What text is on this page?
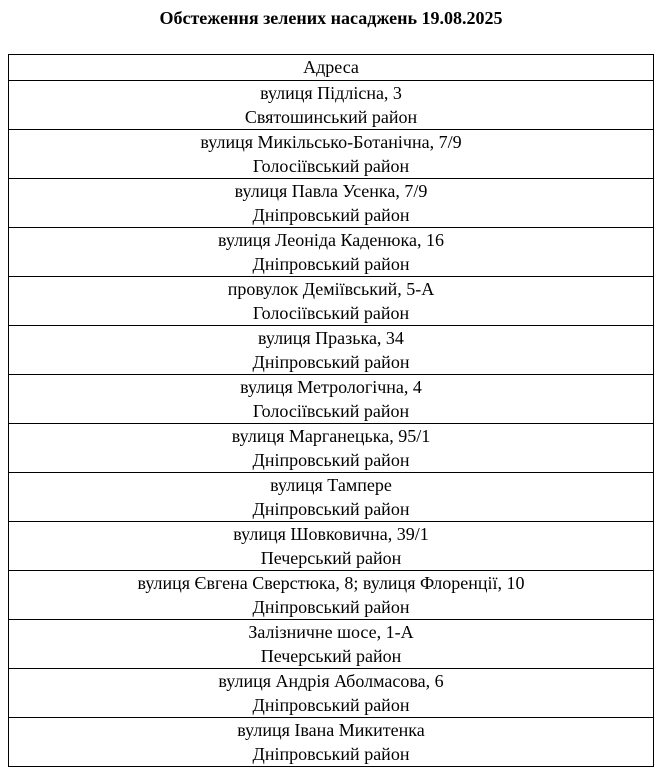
Обстеження зелених насаджень 19.08.2025
Адреса

вулиця Підлісна, 3
Святошинський район

вулиця Микільсько-Ботанічна, 7/9
Голосіївський район

вулиця Павла Усенка, 7/9
Дніпровський район

вулиця Леоніда Каденюка, 16
Дніпровський район

провулок Деміївський, 5-А
Голосіївський район

вулиця Празька, 34
Дніпровський район

вулиця Метрологічна, 4
Голосіївський район

вулиця Марганецька, 95/1
Дніпровський район

вулиця Тампере
Дніпровський район

вулиця Шовковична, 39/1
Печерський район

вулиця Євгена Сверстюка, 8; вулиця Флоренції, 10
Дніпровський район

Залізничне шосе, 1-А
Печерський район

вулиця Андрія Аболмасова, 6
Дніпровський район

вулиця Івана Микитенка
Дніпровський район
